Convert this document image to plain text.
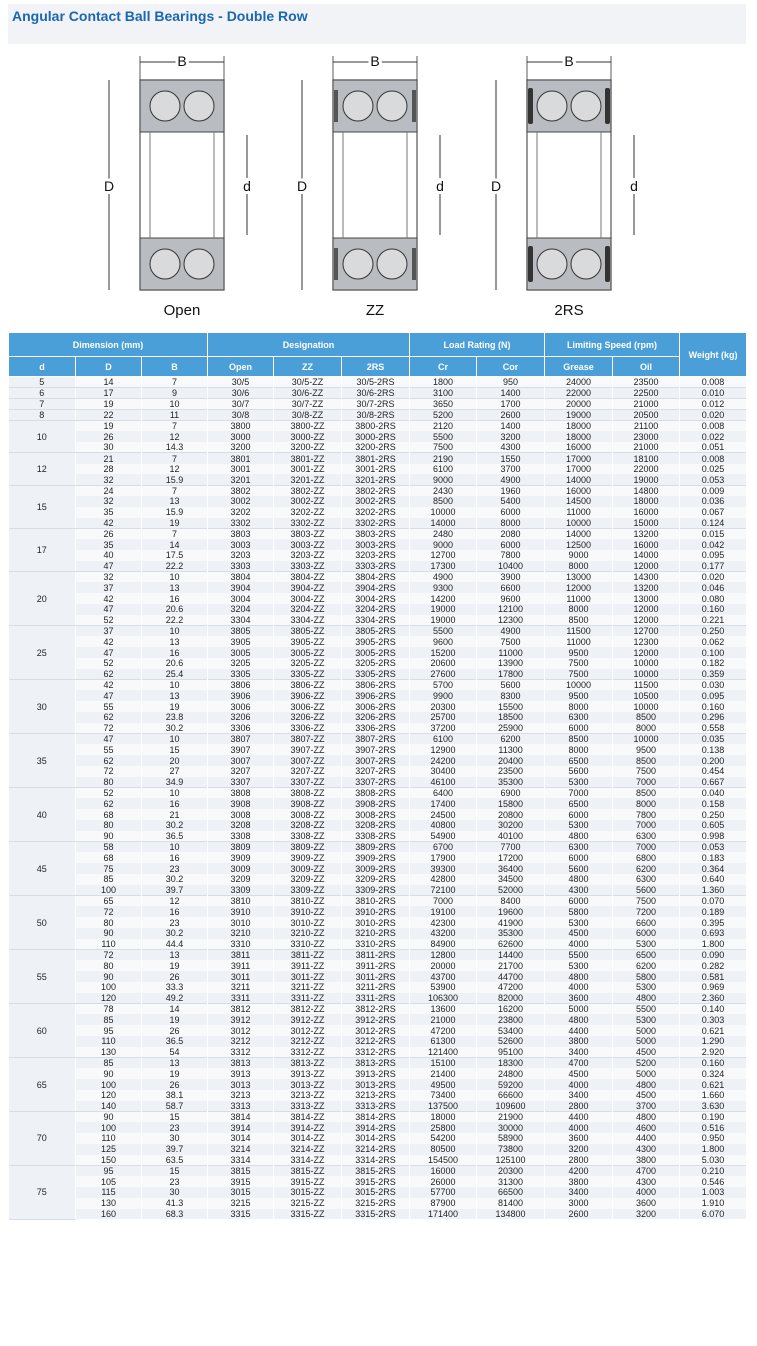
Angular Contact Ball Bearings - Double Row
B
D	d
Open
B
D	d
ZZ
B
D	d
2RS
Dimension (mm)			Designation			Load Rating (N)		Limiting Speed (rpm)		Weight (kg)
d	D	B	Open	ZZ	2RS	Cr	Cor	Grease	Oil	
5	14	7	30/5	30/5-ZZ	30/5-2RS	1800	950	24000	23500	0.008
6	17	9	30/6	30/6-ZZ	30/6-2RS	3100	1400	22000	22500	0.010
7	19	10	30/7	30/7-ZZ	30/7-2RS	3650	1700	20000	21000	0.012
8	22	11	30/8	30/8-ZZ	30/8-2RS	5200	2600	19000	20500	0.020
10	19	7	3800	3800-ZZ	3800-2RS	2120	1400	18000	21100	0.008
	26	12	3000	3000-ZZ	3000-2RS	5500	3200	18000	23000	0.022
	30	14.3	3200	3200-ZZ	3200-2RS	7500	4300	16000	21000	0.051
12	21	7	3801	3801-ZZ	3801-2RS	2190	1550	17000	18100	0.008
	28	12	3001	3001-ZZ	3001-2RS	6100	3700	17000	22000	0.025
	32	15.9	3201	3201-ZZ	3201-2RS	9000	4900	14000	19000	0.053
15	24	7	3802	3802-ZZ	3802-2RS	2430	1960	16000	14800	0.009
	32	13	3002	3002-ZZ	3002-2RS	8500	5400	14500	18000	0.036
	35	15.9	3202	3202-ZZ	3202-2RS	10000	6000	11000	16000	0.067
	42	19	3302	3302-ZZ	3302-2RS	14000	8000	10000	15000	0.124
17	26	7	3803	3803-ZZ	3803-2RS	2480	2080	14000	13200	0.015
	35	14	3003	3003-ZZ	3003-2RS	9000	6000	12500	16000	0.042
	40	17.5	3203	3203-ZZ	3203-2RS	12700	7800	9000	14000	0.095
	47	22.2	3303	3303-ZZ	3303-2RS	17300	10400	8000	12000	0.177
20	32	10	3804	3804-ZZ	3804-2RS	4900	3900	13000	14300	0.020
	37	13	3904	3904-ZZ	3904-2RS	9300	6600	12000	13200	0.046
	42	16	3004	3004-ZZ	3004-2RS	14200	9600	11000	13000	0.080
	47	20.6	3204	3204-ZZ	3204-2RS	19000	12100	8000	12000	0.160
	52	22.2	3304	3304-ZZ	3304-2RS	19000	12300	8500	12000	0.221
25	37	10	3805	3805-ZZ	3805-2RS	5500	4900	11500	12700	0.250
	42	13	3905	3905-ZZ	3905-2RS	9600	7500	11000	12300	0.062
	47	16	3005	3005-ZZ	3005-2RS	15200	11000	9500	12000	0.100
	52	20.6	3205	3205-ZZ	3205-2RS	20600	13900	7500	10000	0.182
	62	25.4	3305	3305-ZZ	3305-2RS	27600	17800	7500	10000	0.359
30	42	10	3806	3806-ZZ	3806-2RS	5700	5600	10000	11500	0.030
	47	13	3906	3906-ZZ	3906-2RS	9900	8300	9500	10500	0.095
	55	19	3006	3006-ZZ	3006-2RS	20300	15500	8000	10000	0.160
	62	23.8	3206	3206-ZZ	3206-2RS	25700	18500	6300	8500	0.296
	72	30.2	3306	3306-ZZ	3306-2RS	37200	25900	6000	8000	0.558
35	47	10	3807	3807-ZZ	3807-2RS	6100	6200	8500	10000	0.035
	55	15	3907	3907-ZZ	3907-2RS	12900	11300	8000	9500	0.138
	62	20	3007	3007-ZZ	3007-2RS	24200	20400	6500	8500	0.200
	72	27	3207	3207-ZZ	3207-2RS	30400	23500	5600	7500	0.454
	80	34.9	3307	3307-ZZ	3307-2RS	46100	35300	5300	7000	0.667
40	52	10	3808	3808-ZZ	3808-2RS	6400	6900	7000	8500	0.040
	62	16	3908	3908-ZZ	3908-2RS	17400	15800	6500	8000	0.158
	68	21	3008	3008-ZZ	3008-2RS	24500	20800	6000	7800	0.250
	80	30.2	3208	3208-ZZ	3208-2RS	40800	30200	5300	7000	0.605
	90	36.5	3308	3308-ZZ	3308-2RS	54900	40100	4800	6300	0.998
45	58	10	3809	3809-ZZ	3809-2RS	6700	7700	6300	7000	0.053
	68	16	3909	3909-ZZ	3909-2RS	17900	17200	6000	6800	0.183
	75	23	3009	3009-ZZ	3009-2RS	39300	36400	5600	6200	0.364
	85	30.2	3209	3209-ZZ	3209-2RS	42800	34500	4800	6300	0.640
	100	39.7	3309	3309-ZZ	3309-2RS	72100	52000	4300	5600	1.360
50	65	12	3810	3810-ZZ	3810-2RS	7000	8400	6000	7500	0.070
	72	16	3910	3910-ZZ	3910-2RS	19100	19600	5800	7200	0.189
	80	23	3010	3010-ZZ	3010-2RS	42300	41900	5300	6600	0.395
	90	30.2	3210	3210-ZZ	3210-2RS	43200	35300	4500	6000	0.693
	110	44.4	3310	3310-ZZ	3310-2RS	84900	62600	4000	5300	1.800
55	72	13	3811	3811-ZZ	3811-2RS	12800	14400	5500	6500	0.090
	80	19	3911	3911-ZZ	3911-2RS	20000	21700	5300	6200	0.282
	90	26	3011	3011-ZZ	3011-2RS	43700	44700	4800	5800	0.581
	100	33.3	3211	3211-ZZ	3211-2RS	53900	47200	4000	5300	0.969
	120	49.2	3311	3311-ZZ	3311-2RS	106300	82000	3600	4800	2.360
60	78	14	3812	3812-ZZ	3812-2RS	13600	16200	5000	5500	0.140
	85	19	3912	3912-ZZ	3912-2RS	21000	23800	4800	5300	0.303
	95	26	3012	3012-ZZ	3012-2RS	47200	53400	4400	5000	0.621
	110	36.5	3212	3212-ZZ	3212-2RS	61300	52600	3800	5000	1.290
	130	54	3312	3312-ZZ	3312-2RS	121400	95100	3400	4500	2.920
65	85	13	3813	3813-ZZ	3813-2RS	15100	18300	4700	5200	0.160
	90	19	3913	3913-ZZ	3913-2RS	21400	24800	4500	5000	0.324
	100	26	3013	3013-ZZ	3013-2RS	49500	59200	4000	4800	0.621
	120	38.1	3213	3213-ZZ	3213-2RS	73400	66600	3400	4500	1.660
	140	58.7	3313	3313-ZZ	3313-2RS	137500	109600	2800	3700	3.630
70	90	15	3814	3814-ZZ	3814-2RS	18000	21900	4400	4800	0.190
	100	23	3914	3914-ZZ	3914-2RS	25800	30000	4000	4600	0.516
	110	30	3014	3014-ZZ	3014-2RS	54200	58900	3600	4400	0.950
	125	39.7	3214	3214-ZZ	3214-2RS	80500	73800	3200	4300	1.800
	150	63.5	3314	3314-ZZ	3314-2RS	154500	125100	2800	3800	5.030
75	95	15	3815	3815-ZZ	3815-2RS	16000	20300	4200	4700	0.210
	105	23	3915	3915-ZZ	3915-2RS	26000	31300	3800	4300	0.546
	115	30	3015	3015-ZZ	3015-2RS	57700	66500	3400	4000	1.003
	130	41.3	3215	3215-ZZ	3215-2RS	87900	81400	3000	3600	1.910
	160	68.3	3315	3315-ZZ	3315-2RS	171400	134800	2600	3200	6.070
